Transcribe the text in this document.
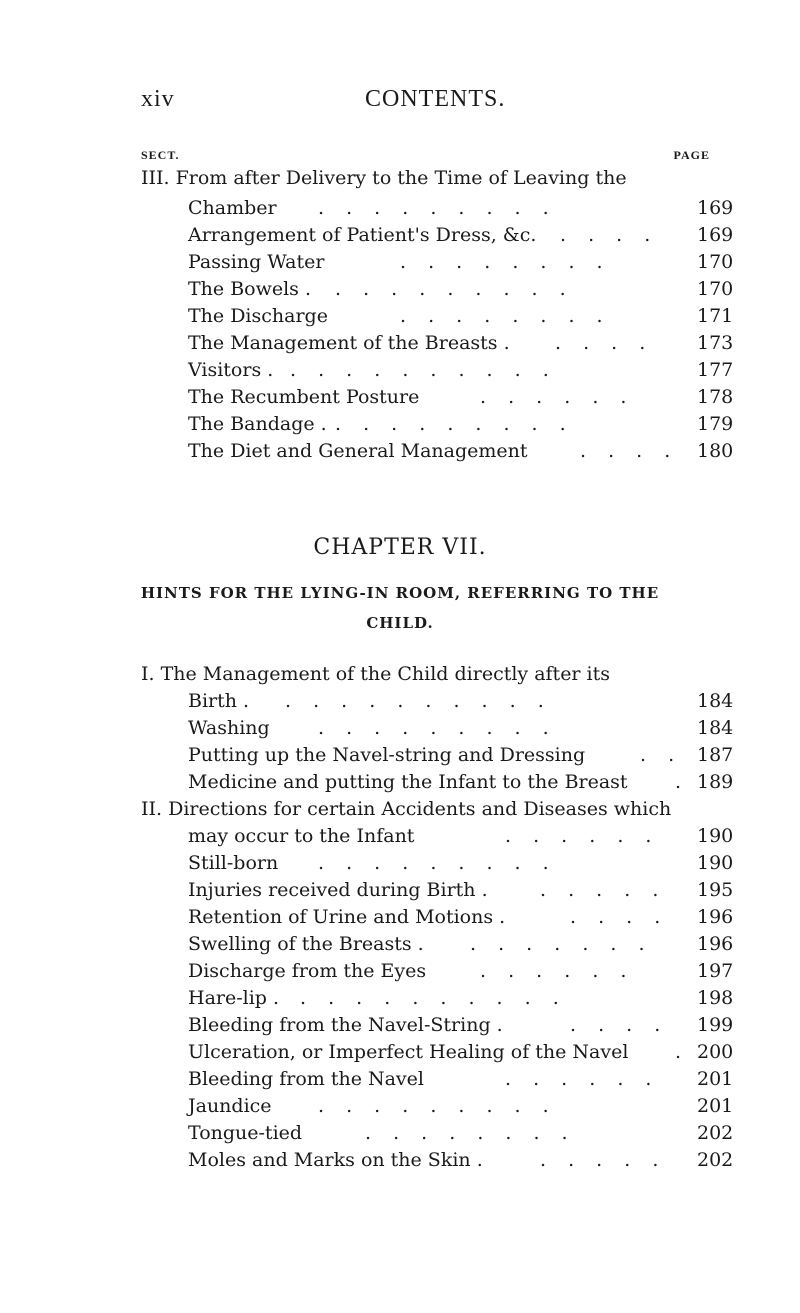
xiv	CONTENTS.
SECT.	PAGE
III. From after Delivery to the Time of Leaving the
Chamber . . . . . . . . .	169
Arrangement of Patient's Dress, &c. . . . . 169
Passing Water	. . . . . . . .	170
The Bowels . . . . . . . . . .	170
The Discharge	. . . . . . . .	171
The Management of the Breasts . . . . . 173
Visitors . . . . . . . . . . .	177
The Recumbent Posture	. . . . . .	178
The Bandage . . . . . . . . . .	179
The Diet and General Management	. . . . 180
CHAPTER VII.
HINTS FOR THE LYING-IN ROOM, REFERRING TO THE
CHILD.
I. The Management of the Child directly after its
Birth . . . . . . . . . . .	184
Washing	. . . . . . . . .	184
Putting up the Navel-string and Dressing	. . 187
Medicine and putting the Infant to the Breast . 189
II. Directions for certain Accidents and Diseases which
may occur to the Infant	. . . . . . 190
Still-born . . . . . . . . .	190
Injuries received during Birth .	. . . . . 195
Retention of Urine and Motions .	. . . . 196
Swelling of the Breasts . . . . . . . . 196
Discharge from the Eyes	. . . . . .	197
Hare-lip . . . . . . . . . . .	198
Bleeding from the Navel-String .	. . . . 199
Ulceration, or Imperfect Healing of the Navel . 200
Bleeding from the Navel	. . . . . . 201
Jaundice . . . . . . . . .	201
Tongue-tied	. . . . . . . .	202
Moles and Marks on the Skin .	. . . . . 202
